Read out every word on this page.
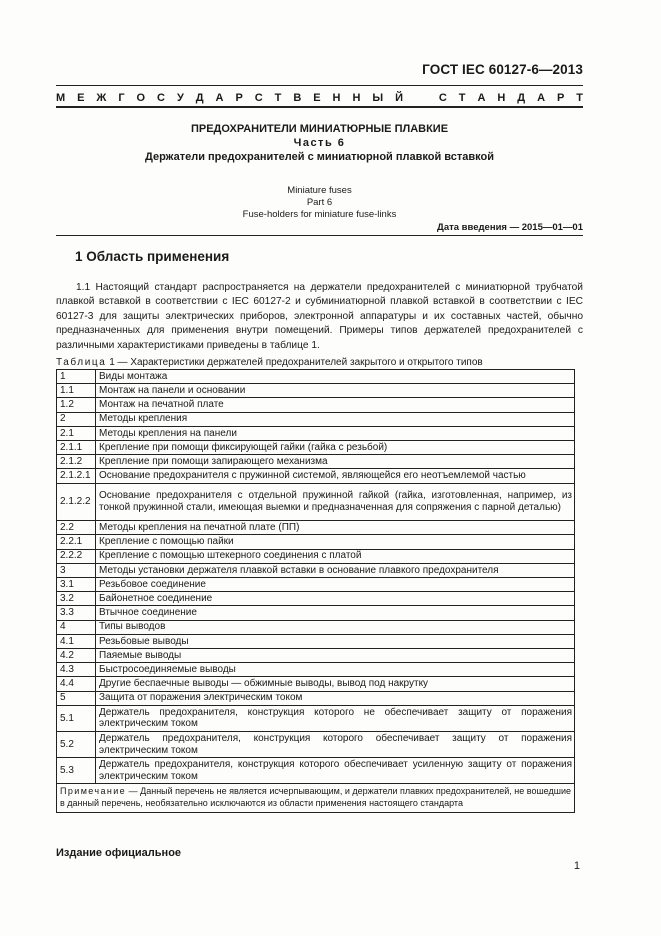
ГОСТ IEC 60127-6—2013
М Е Ж Г О С У Д А Р С Т В Е Н Н Ы Й	С Т А Н Д А Р Т
ПРЕДОХРАНИТЕЛИ МИНИАТЮРНЫЕ ПЛАВКИЕ
Часть 6
Держатели предохранителей с миниатюрной плавкой вставкой
Miniature fuses
Part 6
Fuse-holders for miniature fuse-links
Дата введения — 2015—01—01
1 Область применения
1.1 Настоящий стандарт распространяется на держатели предохранителей с миниатюрной трубчатой плавкой вставкой в соответствии с IEC 60127-2 и субминиатюрной плавкой вставкой в соответствии с IEC 60127-3 для защиты электрических приборов, электронной аппаратуры и их составных частей, обычно предназначенных для применения внутри помещений. Примеры типов держателей предохранителей с различными характеристиками приведены в таблице 1.
Таблица 1 — Характеристики держателей предохранителей закрытого и открытого типов
1	Виды монтажа
1.1	Монтаж на панели и основании
1.2	Монтаж на печатной плате
2	Методы крепления
2.1	Методы крепления на панели
2.1.1	Крепление при помощи фиксирующей гайки (гайка с резьбой)
2.1.2	Крепление при помощи запирающего механизма
2.1.2.1	Основание предохранителя с пружинной системой, являющейся его неотъемлемой частью
2.1.2.2	Основание предохранителя с отдельной пружинной гайкой (гайка, изготовленная, например, из тонкой пружинной стали, имеющая выемки и предназначенная для сопряжения с парной деталью)
2.2	Методы крепления на печатной плате (ПП)
2.2.1	Крепление с помощью пайки
2.2.2	Крепление с помощью штекерного соединения с платой
3	Методы установки держателя плавкой вставки в основание плавкого предохранителя
3.1	Резьбовое соединение
3.2	Байонетное соединение
3.3	Втычное соединение
4	Типы выводов
4.1	Резьбовые выводы
4.2	Паяемые выводы
4.3	Быстросоединяемые выводы
4.4	Другие беспаечные выводы — обжимные выводы, вывод под накрутку
5	Защита от поражения электрическим током
5.1	Держатель предохранителя, конструкция которого не обеспечивает защиту от поражения электрическим током
5.2	Держатель предохранителя, конструкция которого обеспечивает защиту от поражения электрическим током
5.3	Держатель предохранителя, конструкция которого обеспечивает усиленную защиту от поражения электрическим током
Примечание — Данный перечень не является исчерпывающим, и держатели плавких предохранителей, не вошедшие в данный перечень, необязательно исключаются из области применения настоящего стандарта	
Издание официальное
1
